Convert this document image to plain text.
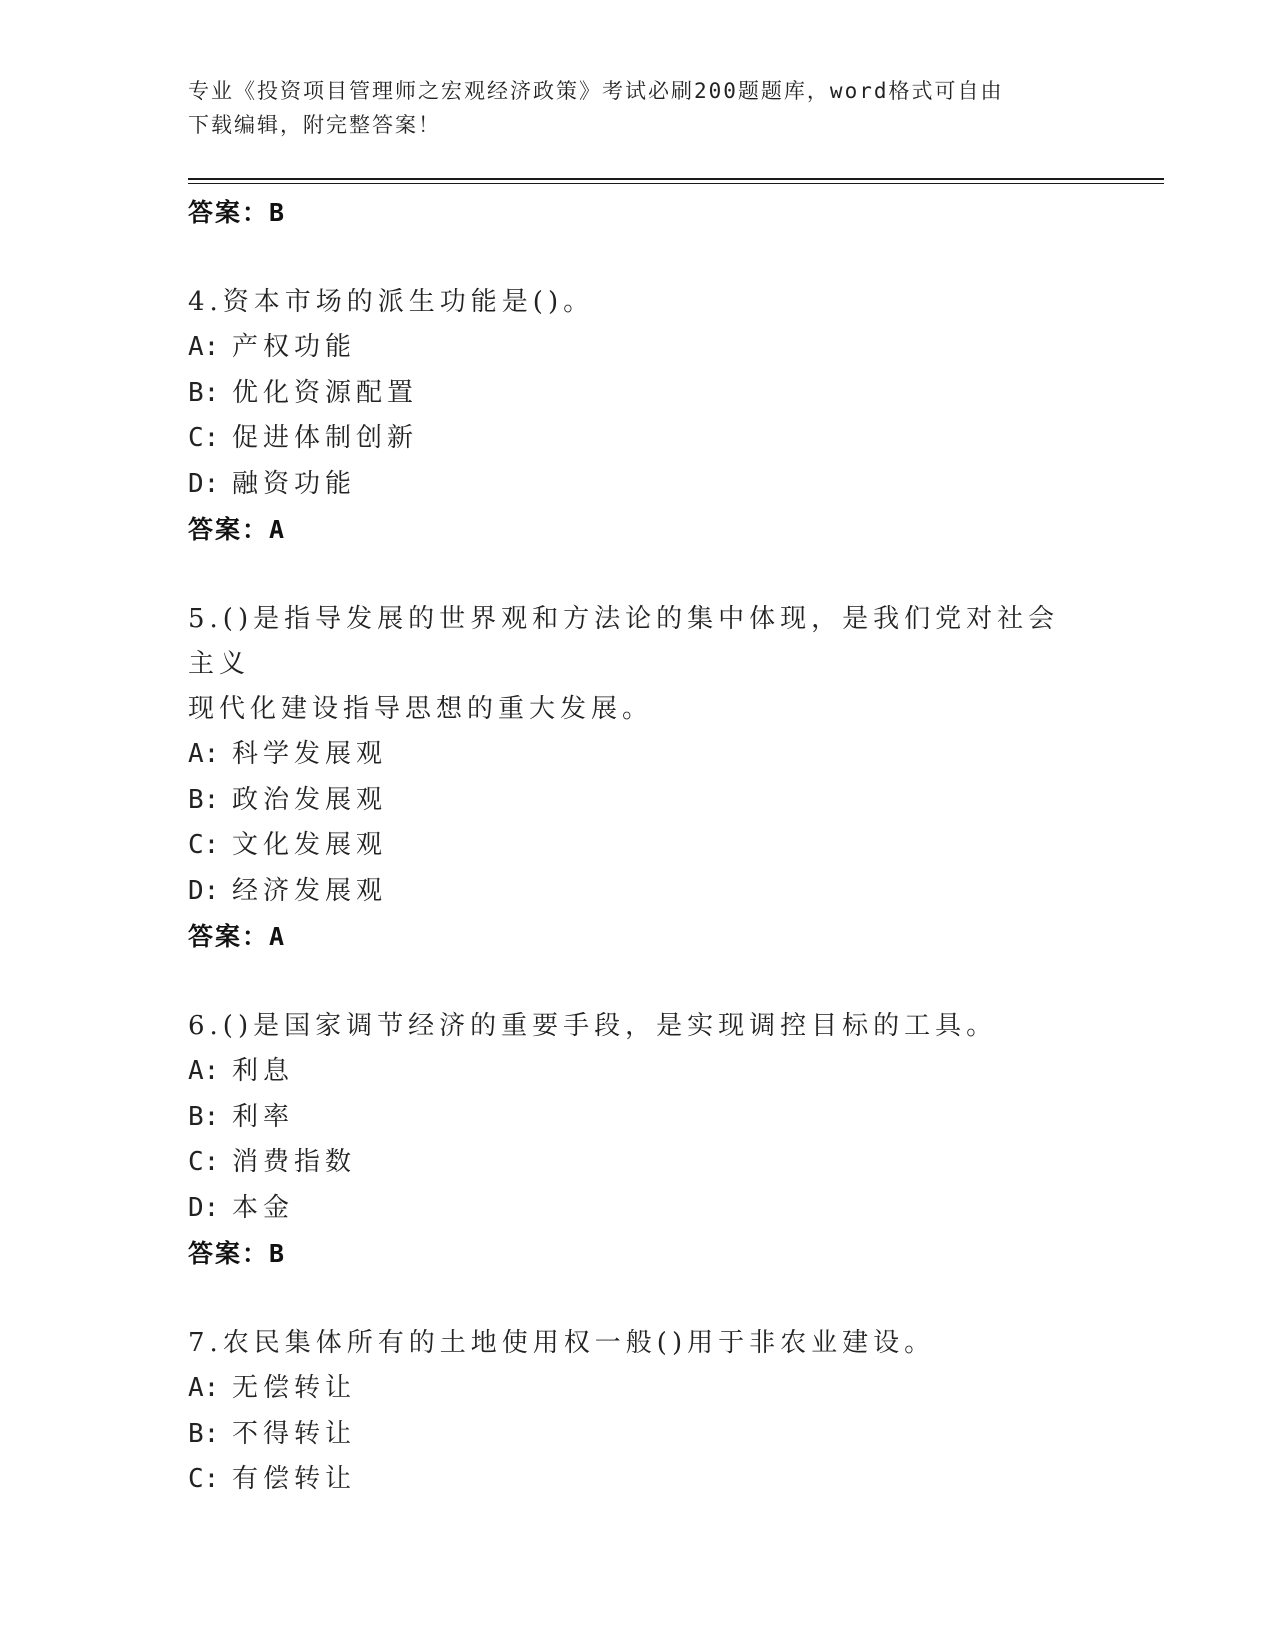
专业《投资项目管理师之宏观经济政策》考试必刷200题题库，word格式可自由
下载编辑，附完整答案！
答案：B
4.资本市场的派生功能是()。
A: 产权功能
B: 优化资源配置
C: 促进体制创新
D: 融资功能
答案：A
5.()是指导发展的世界观和方法论的集中体现，是我们党对社会主义
现代化建设指导思想的重大发展。
A: 科学发展观
B: 政治发展观
C: 文化发展观
D: 经济发展观
答案：A
6.()是国家调节经济的重要手段，是实现调控目标的工具。
A: 利息
B: 利率
C: 消费指数
D: 本金
答案：B
7.农民集体所有的土地使用权一般()用于非农业建设。
A: 无偿转让
B: 不得转让
C: 有偿转让
